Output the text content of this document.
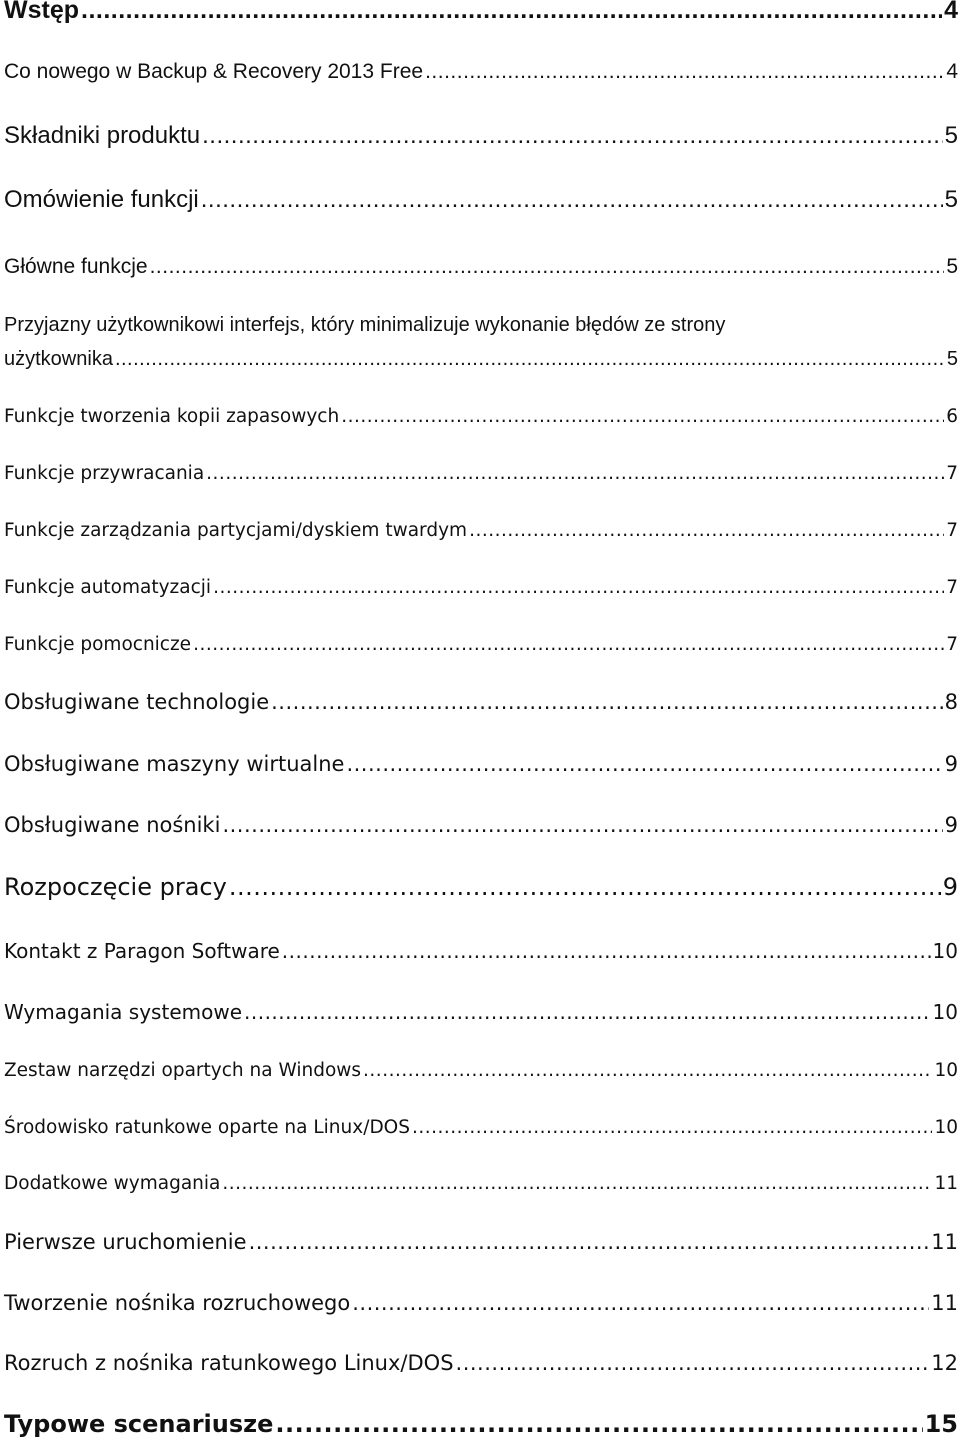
Wstęp .....	4
Co nowego w Backup & Recovery 2013 Free .....	4
Składniki produktu .....	5
Omówienie funkcji .....	5
Główne funkcje .....	5
Przyjazny użytkownikowi interfejs, który minimalizuje wykonanie błędów ze strony
użytkownika .....	5
Funkcje tworzenia kopii zapasowych .....	6
Funkcje przywracania .....	7
Funkcje zarządzania partycjami/dyskiem twardym .....	7
Funkcje automatyzacji .....	7
Funkcje pomocnicze .....	7
Obsługiwane technologie .....	8
Obsługiwane maszyny wirtualne .....	9
Obsługiwane nośniki .....	9
Rozpoczęcie pracy .....	9
Kontakt z Paragon Software .....	10
Wymagania systemowe .....	10
Zestaw narzędzi opartych na Windows .....	10
Środowisko ratunkowe oparte na Linux/DOS .....	10
Dodatkowe wymagania .....	11
Pierwsze uruchomienie .....	11
Tworzenie nośnika rozruchowego .....	11
Rozruch z nośnika ratunkowego Linux/DOS .....	12
Typowe scenariusze .....	15
